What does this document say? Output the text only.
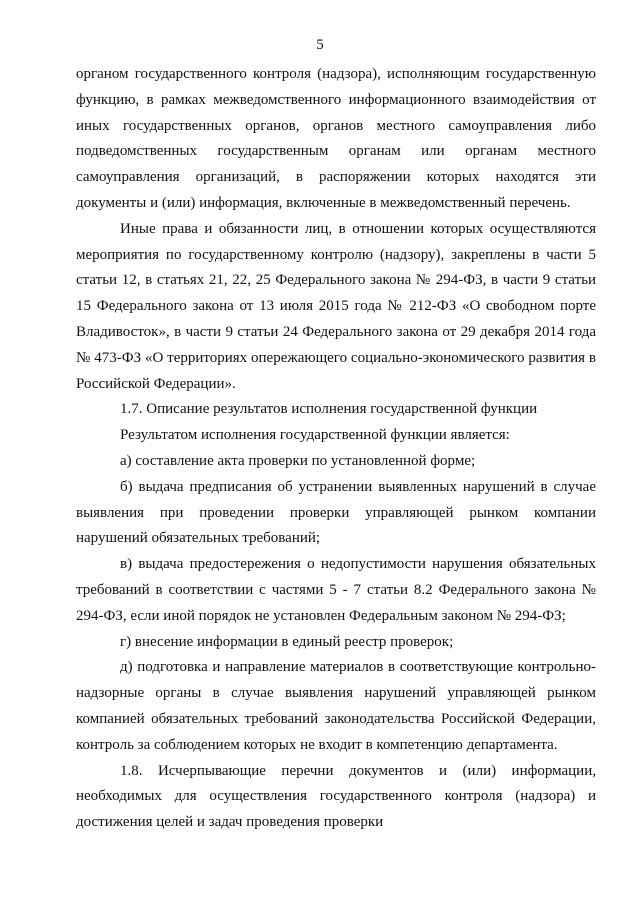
5

органом государственного контроля (надзора), исполняющим государственную функцию, в рамках межведомственного информационного взаимодействия от иных государственных органов, органов местного самоуправления либо подведомственных государственным органам или органам местного самоуправления организаций, в распоряжении которых находятся эти документы и (или) информация, включенные в межведомственный перечень.

Иные права и обязанности лиц, в отношении которых осуществляются мероприятия по государственному контролю (надзору), закреплены в части 5 статьи 12, в статьях 21, 22, 25 Федерального закона № 294-ФЗ, в части 9 статьи 15 Федерального закона от 13 июля 2015 года № 212-ФЗ «О свободном порте Владивосток», в части 9 статьи 24 Федерального закона от 29 декабря 2014 года № 473-ФЗ «О территориях опережающего социально-экономического развития в Российской Федерации».

1.7. Описание результатов исполнения государственной функции

Результатом исполнения государственной функции является:

а) составление акта проверки по установленной форме;

б) выдача предписания об устранении выявленных нарушений в случае выявления при проведении проверки управляющей рынком компании нарушений обязательных требований;

в) выдача предостережения о недопустимости нарушения обязательных требований в соответствии с частями 5 - 7 статьи 8.2 Федерального закона № 294-ФЗ, если иной порядок не установлен Федеральным законом № 294-ФЗ;

г) внесение информации в единый реестр проверок;

д) подготовка и направление материалов в соответствующие контрольно-надзорные органы в случае выявления нарушений управляющей рынком компанией обязательных требований законодательства Российской Федерации, контроль за соблюдением которых не входит в компетенцию департамента.

1.8. Исчерпывающие перечни документов и (или) информации, необходимых для осуществления государственного контроля (надзора) и достижения целей и задач проведения проверки
